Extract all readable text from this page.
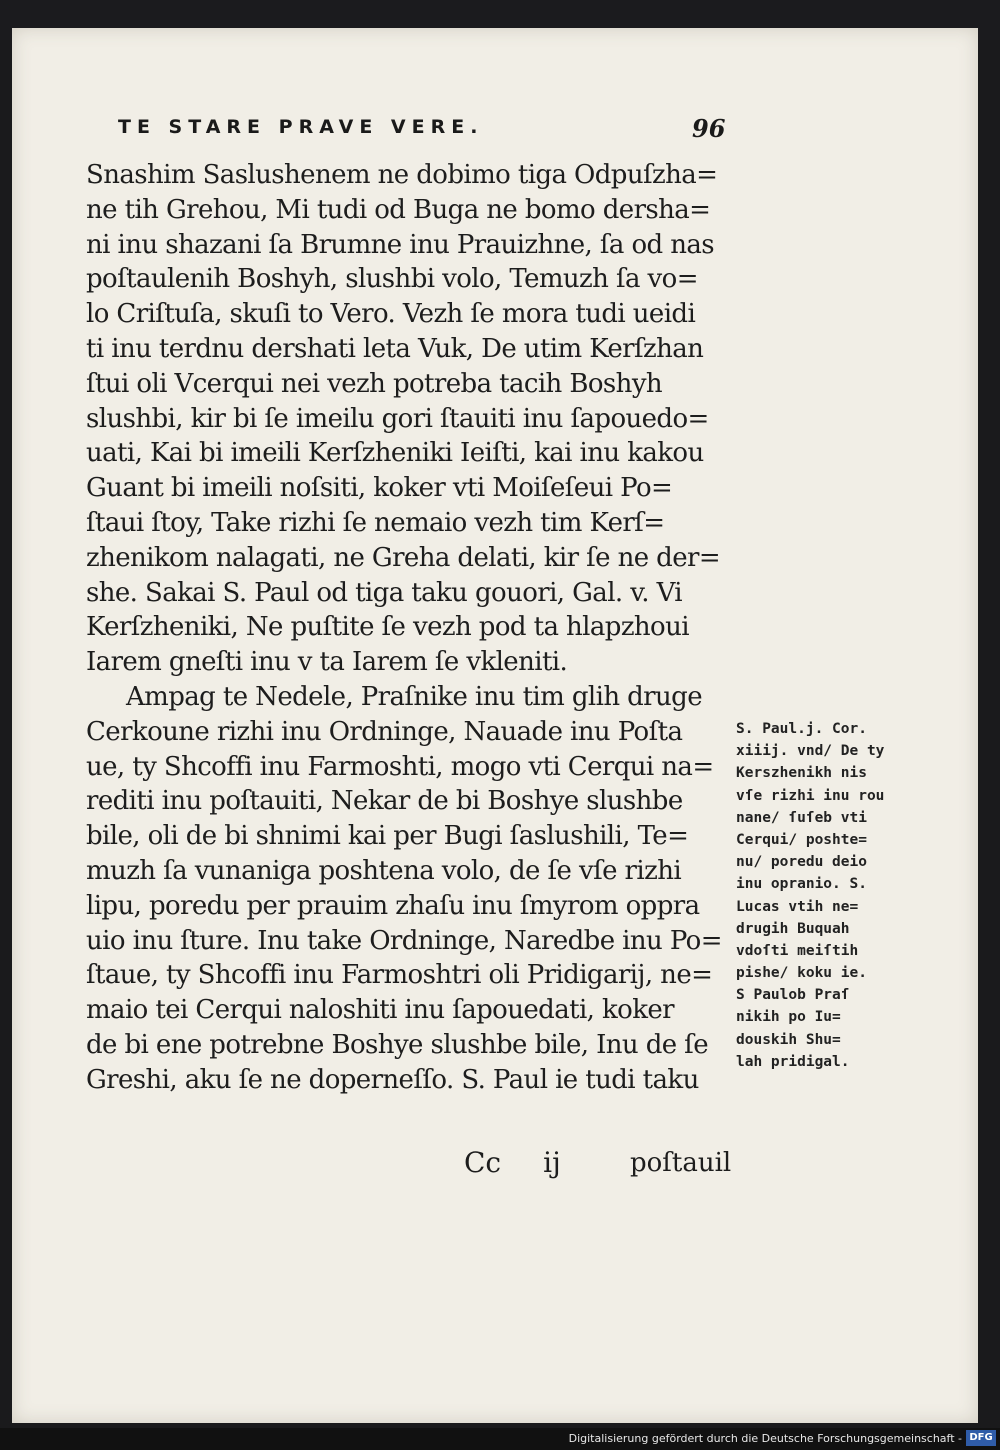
TE STARE PRAVE VERE.	96
Snashim Saslushenem ne dobimo tiga Odpuſzha=
ne tih Grehou, Mi tudi od Buga ne bomo dersha=
ni inu shazani ſa Brumne inu Prauizhne, ſa od nas
poſtaulenih Boshyh, slushbi volo, Temuzh ſa vo=
lo Criſtuſa, skuſi to Vero. Vezh ſe mora tudi ueidi
ti inu terdnu dershati leta Vuk, De utim Kerſzhan
ſtui oli Vcerqui nei vezh potreba tacih Boshyh
slushbi, kir bi ſe imeilu gori ſtauiti inu ſapouedo=
uati, Kai bi imeili Kerſzheniki Ieiſti, kai inu kakou
Guant bi imeili noſsiti, koker vti Moiſeſeui Po=
ſtaui ſtoy, Take rizhi ſe nemaio vezh tim Kerſ=
zhenikom nalagati, ne Greha delati, kir ſe ne der=
she. Sakai S. Paul od tiga taku gouori, Gal. v. Vi
Kerſzheniki, Ne puſtite ſe vezh pod ta hlapzhoui
Iarem gneſti inu v ta Iarem ſe vkleniti.
Ampag te Nedele, Praſnike inu tim glih druge
Cerkoune rizhi inu Ordninge, Nauade inu Poſta
ue, ty Shcoffi inu Farmoshti, mogo vti Cerqui na=
rediti inu poſtauiti, Nekar de bi Boshye slushbe
bile, oli de bi shnimi kai per Bugi ſaslushili, Te=
muzh ſa vunaniga poshtena volo, de ſe vſe rizhi
lipu, poredu per prauim zhaſu inu ſmyrom oppra
uio inu ſture. Inu take Ordninge, Naredbe inu Po=
ſtaue, ty Shcoffi inu Farmoshtri oli Pridigarij, ne=
maio tei Cerqui naloshiti inu ſapouedati, koker
de bi ene potrebne Boshye slushbe bile, Inu de ſe
Greshi, aku ſe ne doperneſſo. S. Paul ie tudi taku
S. Paul.j. Cor.
xiiij. vnd/ De ty
Kerszhenikh nis
vſe rizhi inu rou
nane/ ſuſeb vti
Cerqui/ poshte=
nu/ poredu deio
inu opranio. S.
Lucas vtih ne=
drugih Buquah
vdoſti meiſtih
pishe/ koku ie.
S Paulob Praſ
nikih po Iu=
douskih Shu=
lah pridigal.
Cc ij	poſtauil
Digitalisierung gefördert durch die Deutsche Forschungsgemeinschaft - DFG
